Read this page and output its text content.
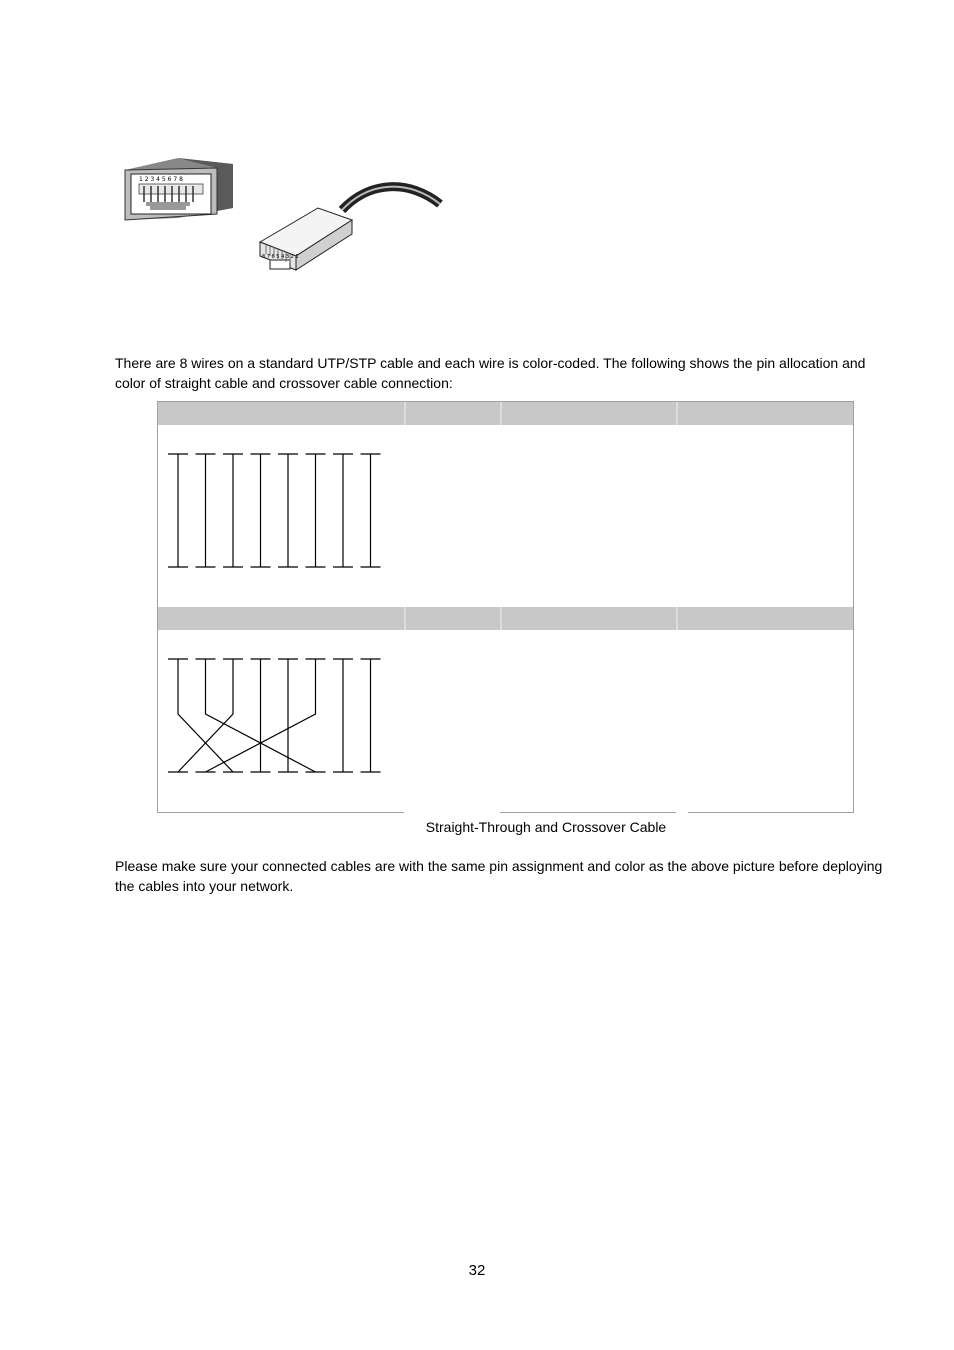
1 2 3 4 5 6 7 8
8 7 6 5 4 3 2 1

There are 8 wires on a standard UTP/STP cable and each wire is color-coded. The following shows the pin allocation and color of straight cable and crossover cable connection:

Straight-Through and Crossover Cable

Please make sure your connected cables are with the same pin assignment and color as the above picture before deploying the cables into your network.

32
